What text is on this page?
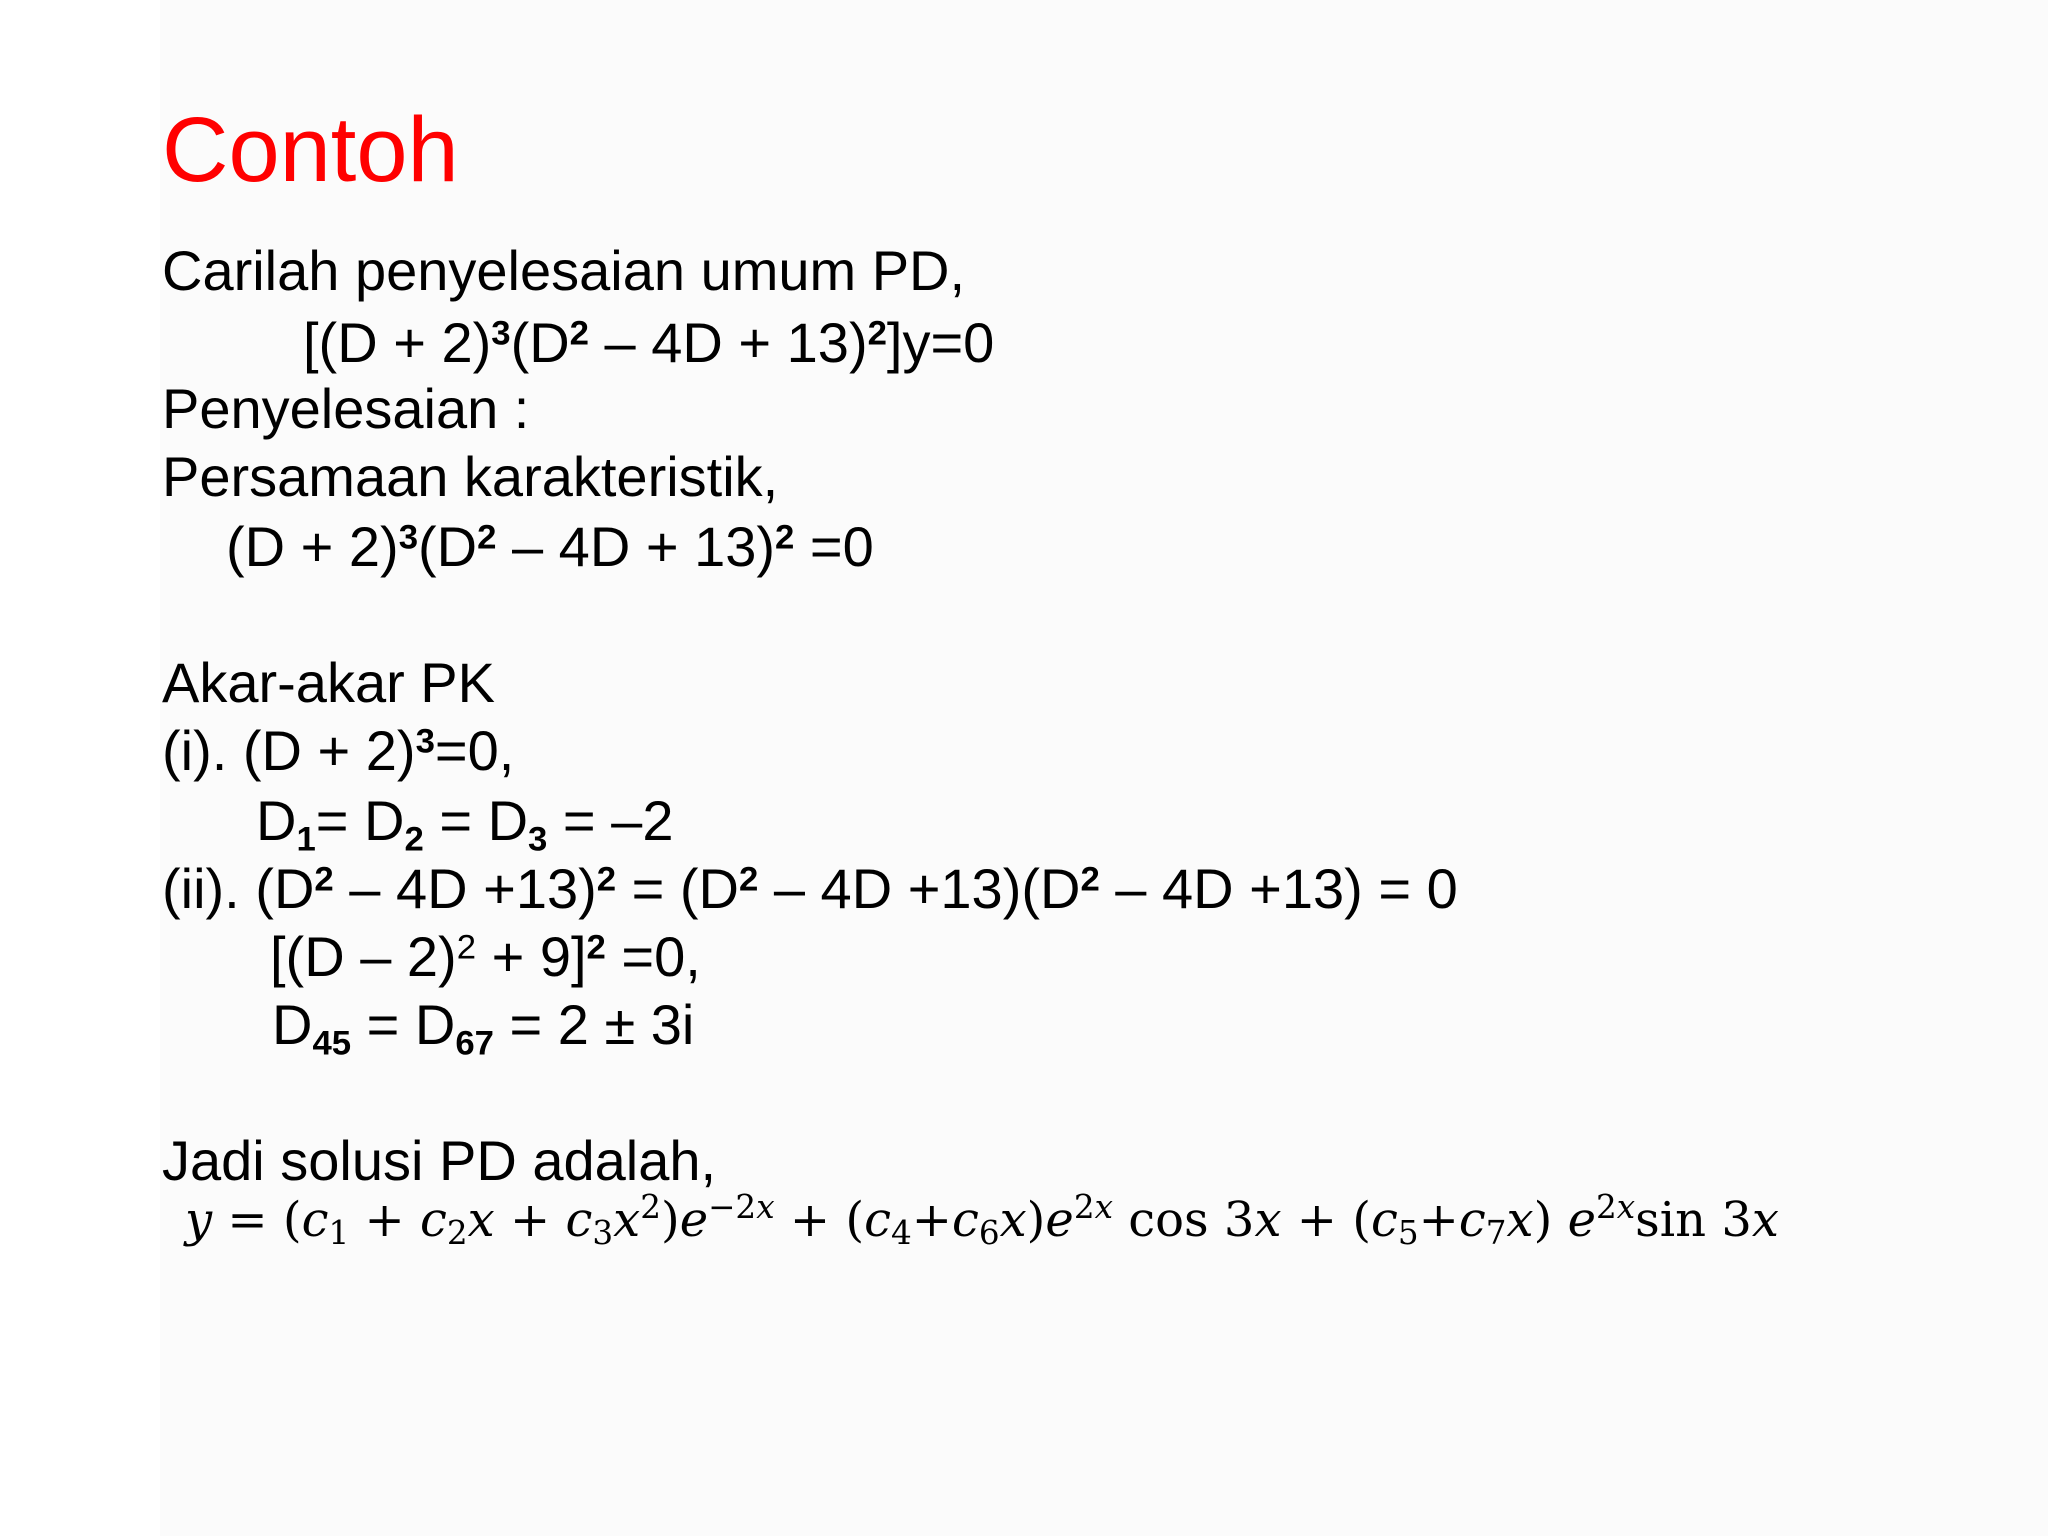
Contoh
Carilah penyelesaian umum PD,
$[(D + 2)^3(D^2 - 4D + 13)^2]y=0$
Penyelesaian :
Persamaan karakteristik,
$(D + 2)^3(D^2 - 4D + 13)^2 =0$
Akar-akar PK
(i). $(D + 2)^3=0$,
$D_1= D_2 = D_3 = -2$
(ii). $(D^2 - 4D +13)^2 = (D^2 - 4D +13)(D^2 - 4D +13) = 0$
$[(D - 2)^2 + 9]^2 =0$,
$D_{45} = D_{67} = 2 \pm 3i$
Jadi solusi PD adalah,
$y = (c_1 + c_2x + c_3x^2)e^{-2x} + (c_4+c_6x)e^{2x}$ $\cos 3x + (c_5+c_7x)$ $e^{2x}\sin$ 3x
